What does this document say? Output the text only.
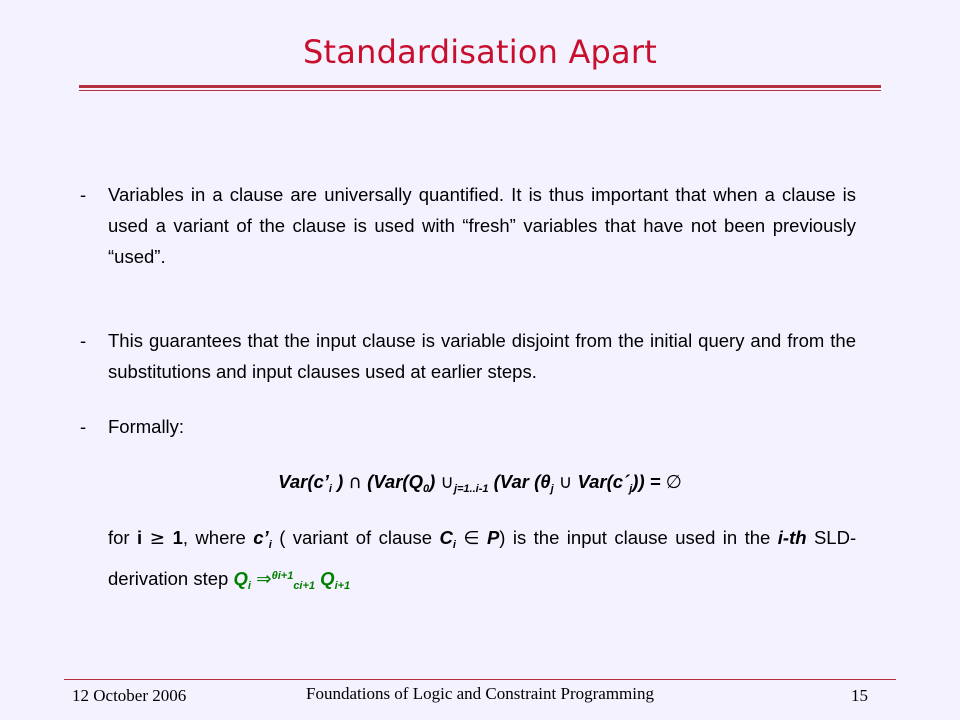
Standardisation Apart
-	Variables in a clause are universally quantified. It is thus important that when a clause is used a variant of the clause is used with “fresh” variables that have not been previously “used”.
-	This guarantees that the input clause is variable disjoint from the initial query and from the substitutions and input clauses used at earlier steps.
-	Formally:
$Var(c’_i$ ) ∩ ($Var(Q_0)$ $\cup_{j=1..i-1}$ (Var ($\theta_j$ ∪ $Var(c´_j)$) = ∅
for i ≥ 1, where $c’_i$ ( variant of clause $C_i$ ∈ P) is the input clause used in the i-th SLD-derivation step $Q_i$ ⇒$^{\theta i+1}_{ci+1}$ $Q_{i+1}$
12 October 2006	Foundations of Logic and Constraint Programming	15
